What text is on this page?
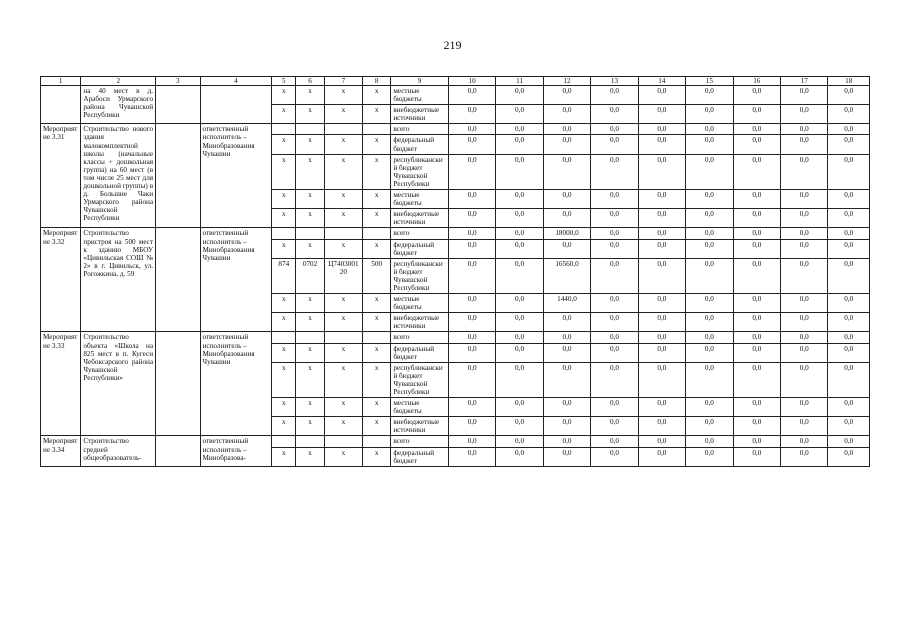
219
1	2	3	4	5	6	7	8	9	10	11	12	13	14	15	16	17	18
	на 40 мест в д. Арабоси Урмарского района Чувашской Республики			х	х	х	х	местные бюджеты	0,0	0,0	0,0	0,0	0,0	0,0	0,0	0,0	0,0
				х	х	х	х	внебюджетные источники	0,0	0,0	0,0	0,0	0,0	0,0	0,0	0,0	0,0
Мероприятие 3.31	Строительство нового здания малокомплектной школы (начальные классы + дошкольная группа) на 60 мест (в том числе 25 мест для дошкольной группы) в д. Большие Чаки Урмарского района Чувашской Республики		ответственный исполнитель – Минобразования Чувашии					всего	0,0	0,0	0,0	0,0	0,0	0,0	0,0	0,0	0,0
				х	х	х	х	федеральный бюджет	0,0	0,0	0,0	0,0	0,0	0,0	0,0	0,0	0,0
				х	х	х	х	республиканский бюджет Чувашской Республики	0,0	0,0	0,0	0,0	0,0	0,0	0,0	0,0	0,0
				х	х	х	х	местные бюджеты	0,0	0,0	0,0	0,0	0,0	0,0	0,0	0,0	0,0
				х	х	х	х	внебюджетные источники	0,0	0,0	0,0	0,0	0,0	0,0	0,0	0,0	0,0
Мероприятие 3.32	Строительство пристроя на 500 мест к зданию МБОУ «Цивильская СОШ № 2» в г. Цивильск, ул. Рогожкина, д. 59		ответственный исполнитель – Минобразования Чувашии					всего	0,0	0,0	18000,0	0,0	0,0	0,0	0,0	0,0	0,0
				х	х	х	х	федеральный бюджет	0,0	0,0	0,0	0,0	0,0	0,0	0,0	0,0	0,0
				874	0702	Ц7403001 20	500	республиканский бюджет Чувашской Республики	0,0	0,0	16560,0	0,0	0,0	0,0	0,0	0,0	0,0
				х	х	х	х	местные бюджеты	0,0	0,0	1440,0	0,0	0,0	0,0	0,0	0,0	0,0
				х	х	х	х	внебюджетные источники	0,0	0,0	0,0	0,0	0,0	0,0	0,0	0,0	0,0
Мероприятие 3.33	Строительство объекта «Школа на 825 мест в п. Кугеси Чебоксарского района Чувашской Республики»		ответственный исполнитель – Минобразования Чувашии					всего	0,0	0,0	0,0	0,0	0,0	0,0	0,0	0,0	0,0
				х	х	х	х	федеральный бюджет	0,0	0,0	0,0	0,0	0,0	0,0	0,0	0,0	0,0
				х	х	х	х	республиканский бюджет Чувашской Республики	0,0	0,0	0,0	0,0	0,0	0,0	0,0	0,0	0,0
				х	х	х	х	местные бюджеты	0,0	0,0	0,0	0,0	0,0	0,0	0,0	0,0	0,0
				х	х	х	х	внебюджетные источники	0,0	0,0	0,0	0,0	0,0	0,0	0,0	0,0	0,0
Мероприятие 3.34	Строительство средней общеобразователь-		ответственный исполнитель – Минобразова-					всего	0,0	0,0	0,0	0,0	0,0	0,0	0,0	0,0	0,0
				х	х	х	х	федеральный бюджет	0,0	0,0	0,0	0,0	0,0	0,0	0,0	0,0	0,0
